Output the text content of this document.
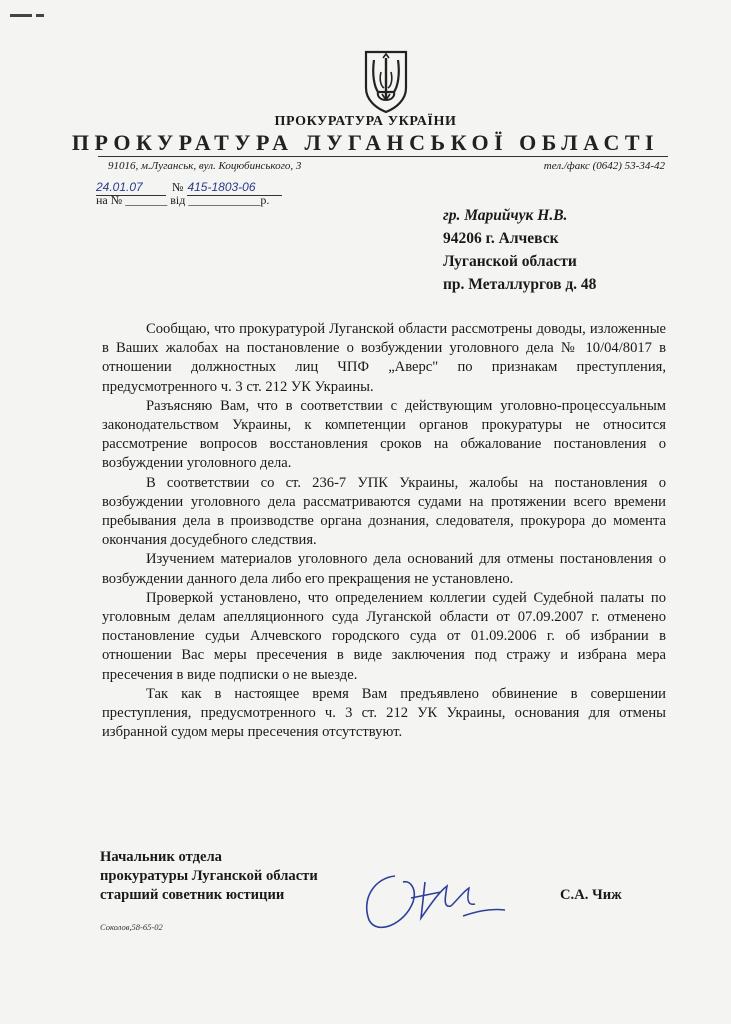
ПРОКУРАТУРА УКРАЇНИ
ПРОКУРАТУРА ЛУГАНСЬКОЇ ОБЛАСТІ
91016, м.Луганськ, вул. Коцюбинського, 3	тел./факс (0642) 53-34-42
24.01.07 № 415-1803-06
на № _______ від ____________р.
гр. Марийчук Н.В.
94206 г. Алчевск
Луганской области
пр. Металлургов д. 48

Сообщаю, что прокуратурой Луганской области рассмотрены доводы, изложенные в Ваших жалобах на постановление о возбуждении уголовного дела № 10/04/8017 в отношении должностных лиц ЧПФ „Аверс" по признакам преступления, предусмотренного ч. 3 ст. 212 УК Украины.

Разъясняю Вам, что в соответствии с действующим уголовно-процессуальным законодательством Украины, к компетенции органов прокуратуры не относится рассмотрение вопросов восстановления сроков на обжалование постановления о возбуждении уголовного дела.

В соответствии со ст. 236-7 УПК Украины, жалобы на постановления о возбуждении уголовного дела рассматриваются судами на протяжении всего времени пребывания дела в производстве органа дознания, следователя, прокурора до момента окончания досудебного следствия.

Изучением материалов уголовного дела оснований для отмены постановления о возбуждении данного дела либо его прекращения не установлено.

Проверкой установлено, что определением коллегии судей Судебной палаты по уголовным делам апелляционного суда Луганской области от 07.09.2007 г. отменено постановление судьи Алчевского городского суда от 01.09.2006 г. об избрании в отношении Вас меры пресечения в виде заключения под стражу и избрана мера пресечения в виде подписки о не выезде.

Так как в настоящее время Вам предъявлено обвинение в совершении преступления, предусмотренного ч. 3 ст. 212 УК Украины, основания для отмены избранной судом меры пресечения отсутствуют.

Начальник отдела
прокуратуры Луганской области
старший советник юстиции	С.А. Чиж
Соколов,58-65-02
